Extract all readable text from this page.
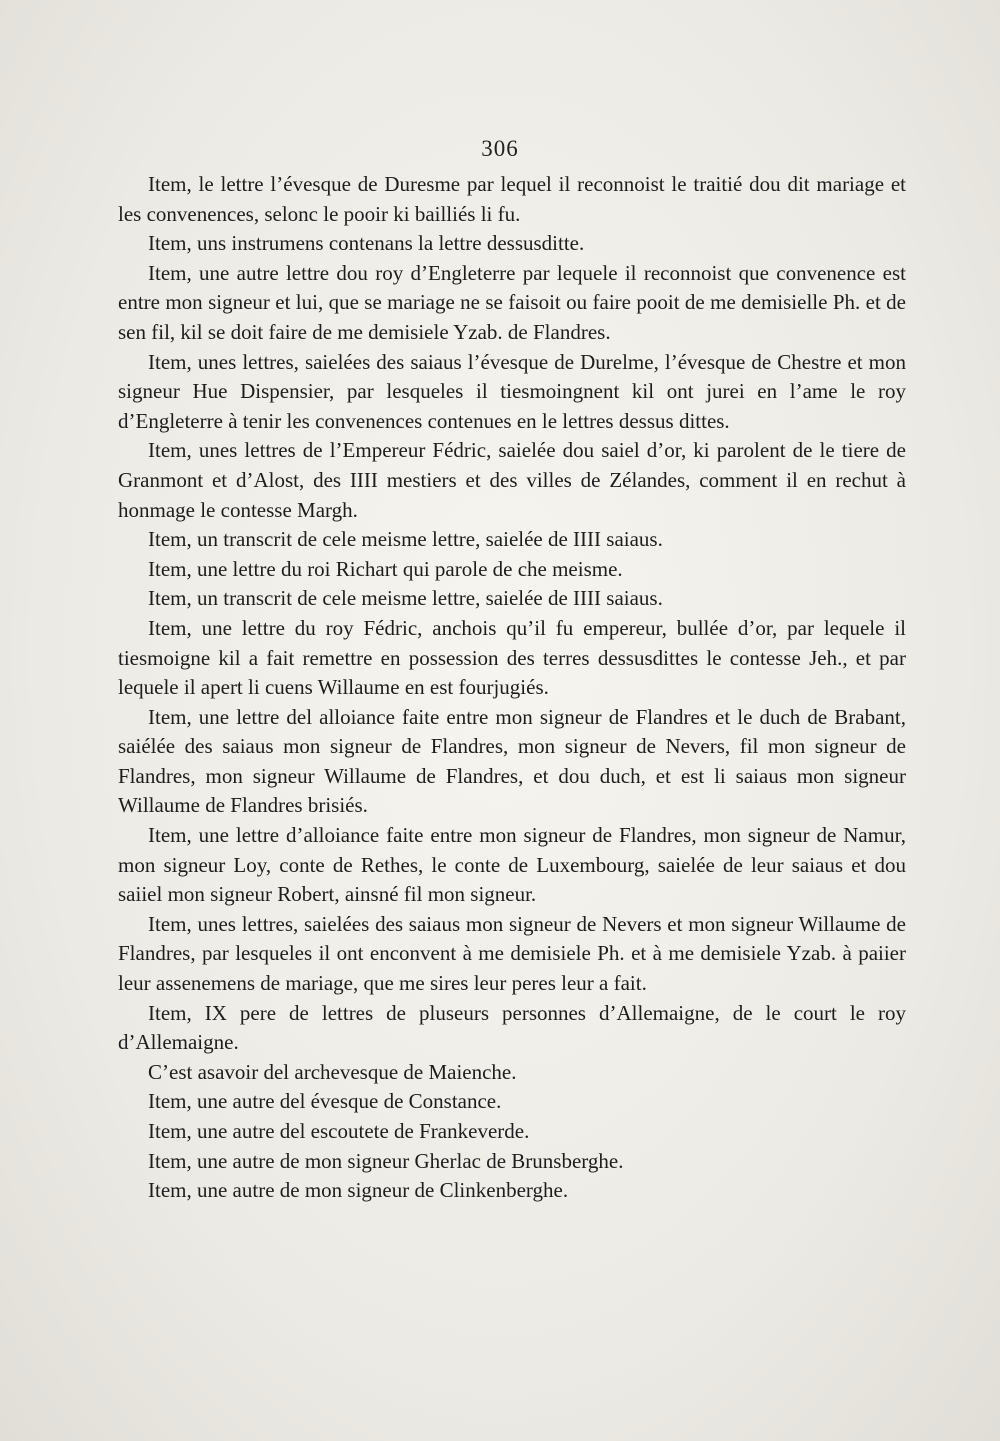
306

Item, le lettre l’évesque de Duresme par lequel il reconnoist le traitié dou dit mariage et les convenences, selonc le pooir ki bailliés li fu.

Item, uns instrumens contenans la lettre dessusditte.

Item, une autre lettre dou roy d’Engleterre par lequele il reconnoist que convenence est entre mon signeur et lui, que se mariage ne se faisoit ou faire pooit de me demisielle Ph. et de sen fil, kil se doit faire de me demisiele Yzab. de Flandres.

Item, unes lettres, saielées des saiaus l’évesque de Durelme, l’évesque de Chestre et mon signeur Hue Dispensier, par lesqueles il tiesmoingnent kil ont jurei en l’ame le roy d’Engleterre à tenir les convenences contenues en le lettres dessus dittes.

Item, unes lettres de l’Empereur Fédric, saielée dou saiel d’or, ki parolent de le tiere de Granmont et d’Alost, des IIII mestiers et des villes de Zélandes, comment il en rechut à honmage le contesse Margh.

Item, un transcrit de cele meisme lettre, saielée de IIII saiaus.

Item, une lettre du roi Richart qui parole de che meisme.

Item, un transcrit de cele meisme lettre, saielée de IIII saiaus.

Item, une lettre du roy Fédric, anchois qu’il fu empereur, bullée d’or, par lequele il tiesmoigne kil a fait remettre en possession des terres dessusdittes le contesse Jeh., et par lequele il apert li cuens Willaume en est fourjugiés.

Item, une lettre del alloiance faite entre mon signeur de Flandres et le duch de Brabant, saiélée des saiaus mon signeur de Flandres, mon signeur de Nevers, fil mon signeur de Flandres, mon signeur Willaume de Flandres, et dou duch, et est li saiaus mon signeur Willaume de Flandres brisiés.

Item, une lettre d’alloiance faite entre mon signeur de Flandres, mon signeur de Namur, mon signeur Loy, conte de Rethes, le conte de Luxembourg, saielée de leur saiaus et dou saiiel mon signeur Robert, ainsné fil mon signeur.

Item, unes lettres, saielées des saiaus mon signeur de Nevers et mon signeur Willaume de Flandres, par lesqueles il ont enconvent à me demisiele Ph. et à me demisiele Yzab. à paiier leur assenemens de mariage, que me sires leur peres leur a fait.

Item, IX pere de lettres de pluseurs personnes d’Allemaigne, de le court le roy d’Allemaigne.

C’est asavoir del archevesque de Maienche.

Item, une autre del évesque de Constance.

Item, une autre del escoutete de Frankeverde.

Item, une autre de mon signeur Gherlac de Brunsberghe.

Item, une autre de mon signeur de Clinkenberghe.
